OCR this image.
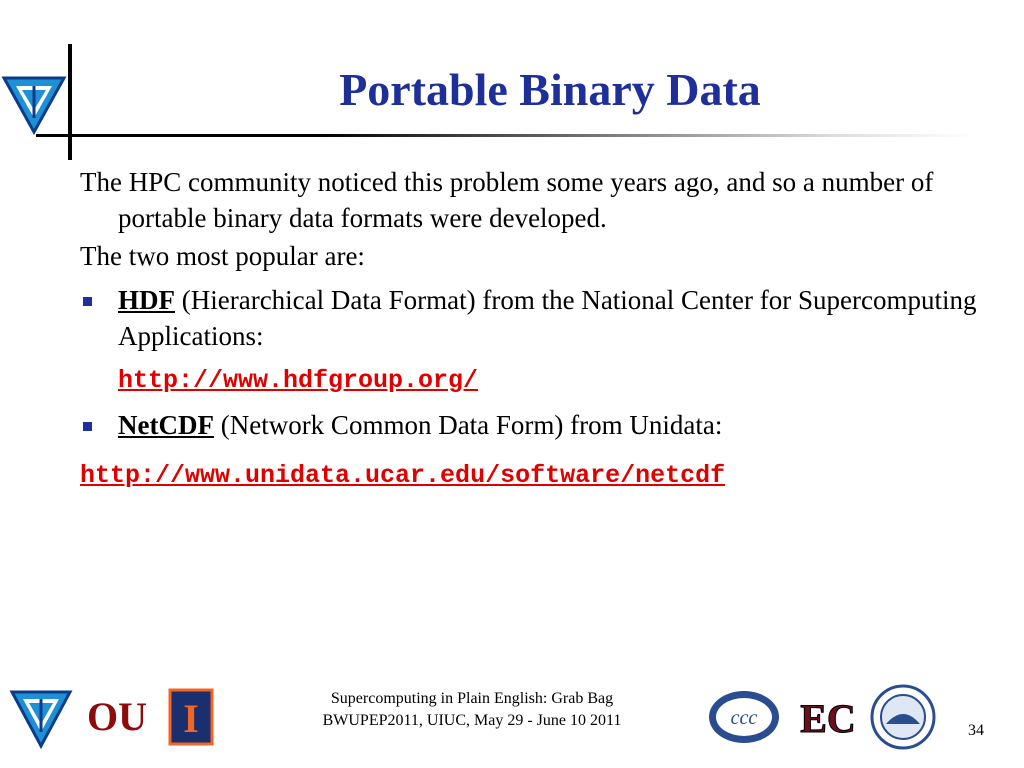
Portable Binary Data

The HPC community noticed this problem some years ago, and so a number of portable binary data formats were developed.

The two most popular are:

HDF (Hierarchical Data Format) from the National Center for Supercomputing Applications:
http://www.hdfgroup.org/
NetCDF (Network Common Data Form) from Unidata:
http://www.unidata.ucar.edu/software/netcdf
OU I	ccc EC
Supercomputing in Plain English: Grab Bag
BWUPEP2011, UIUC, May 29 - June 10 2011
34
